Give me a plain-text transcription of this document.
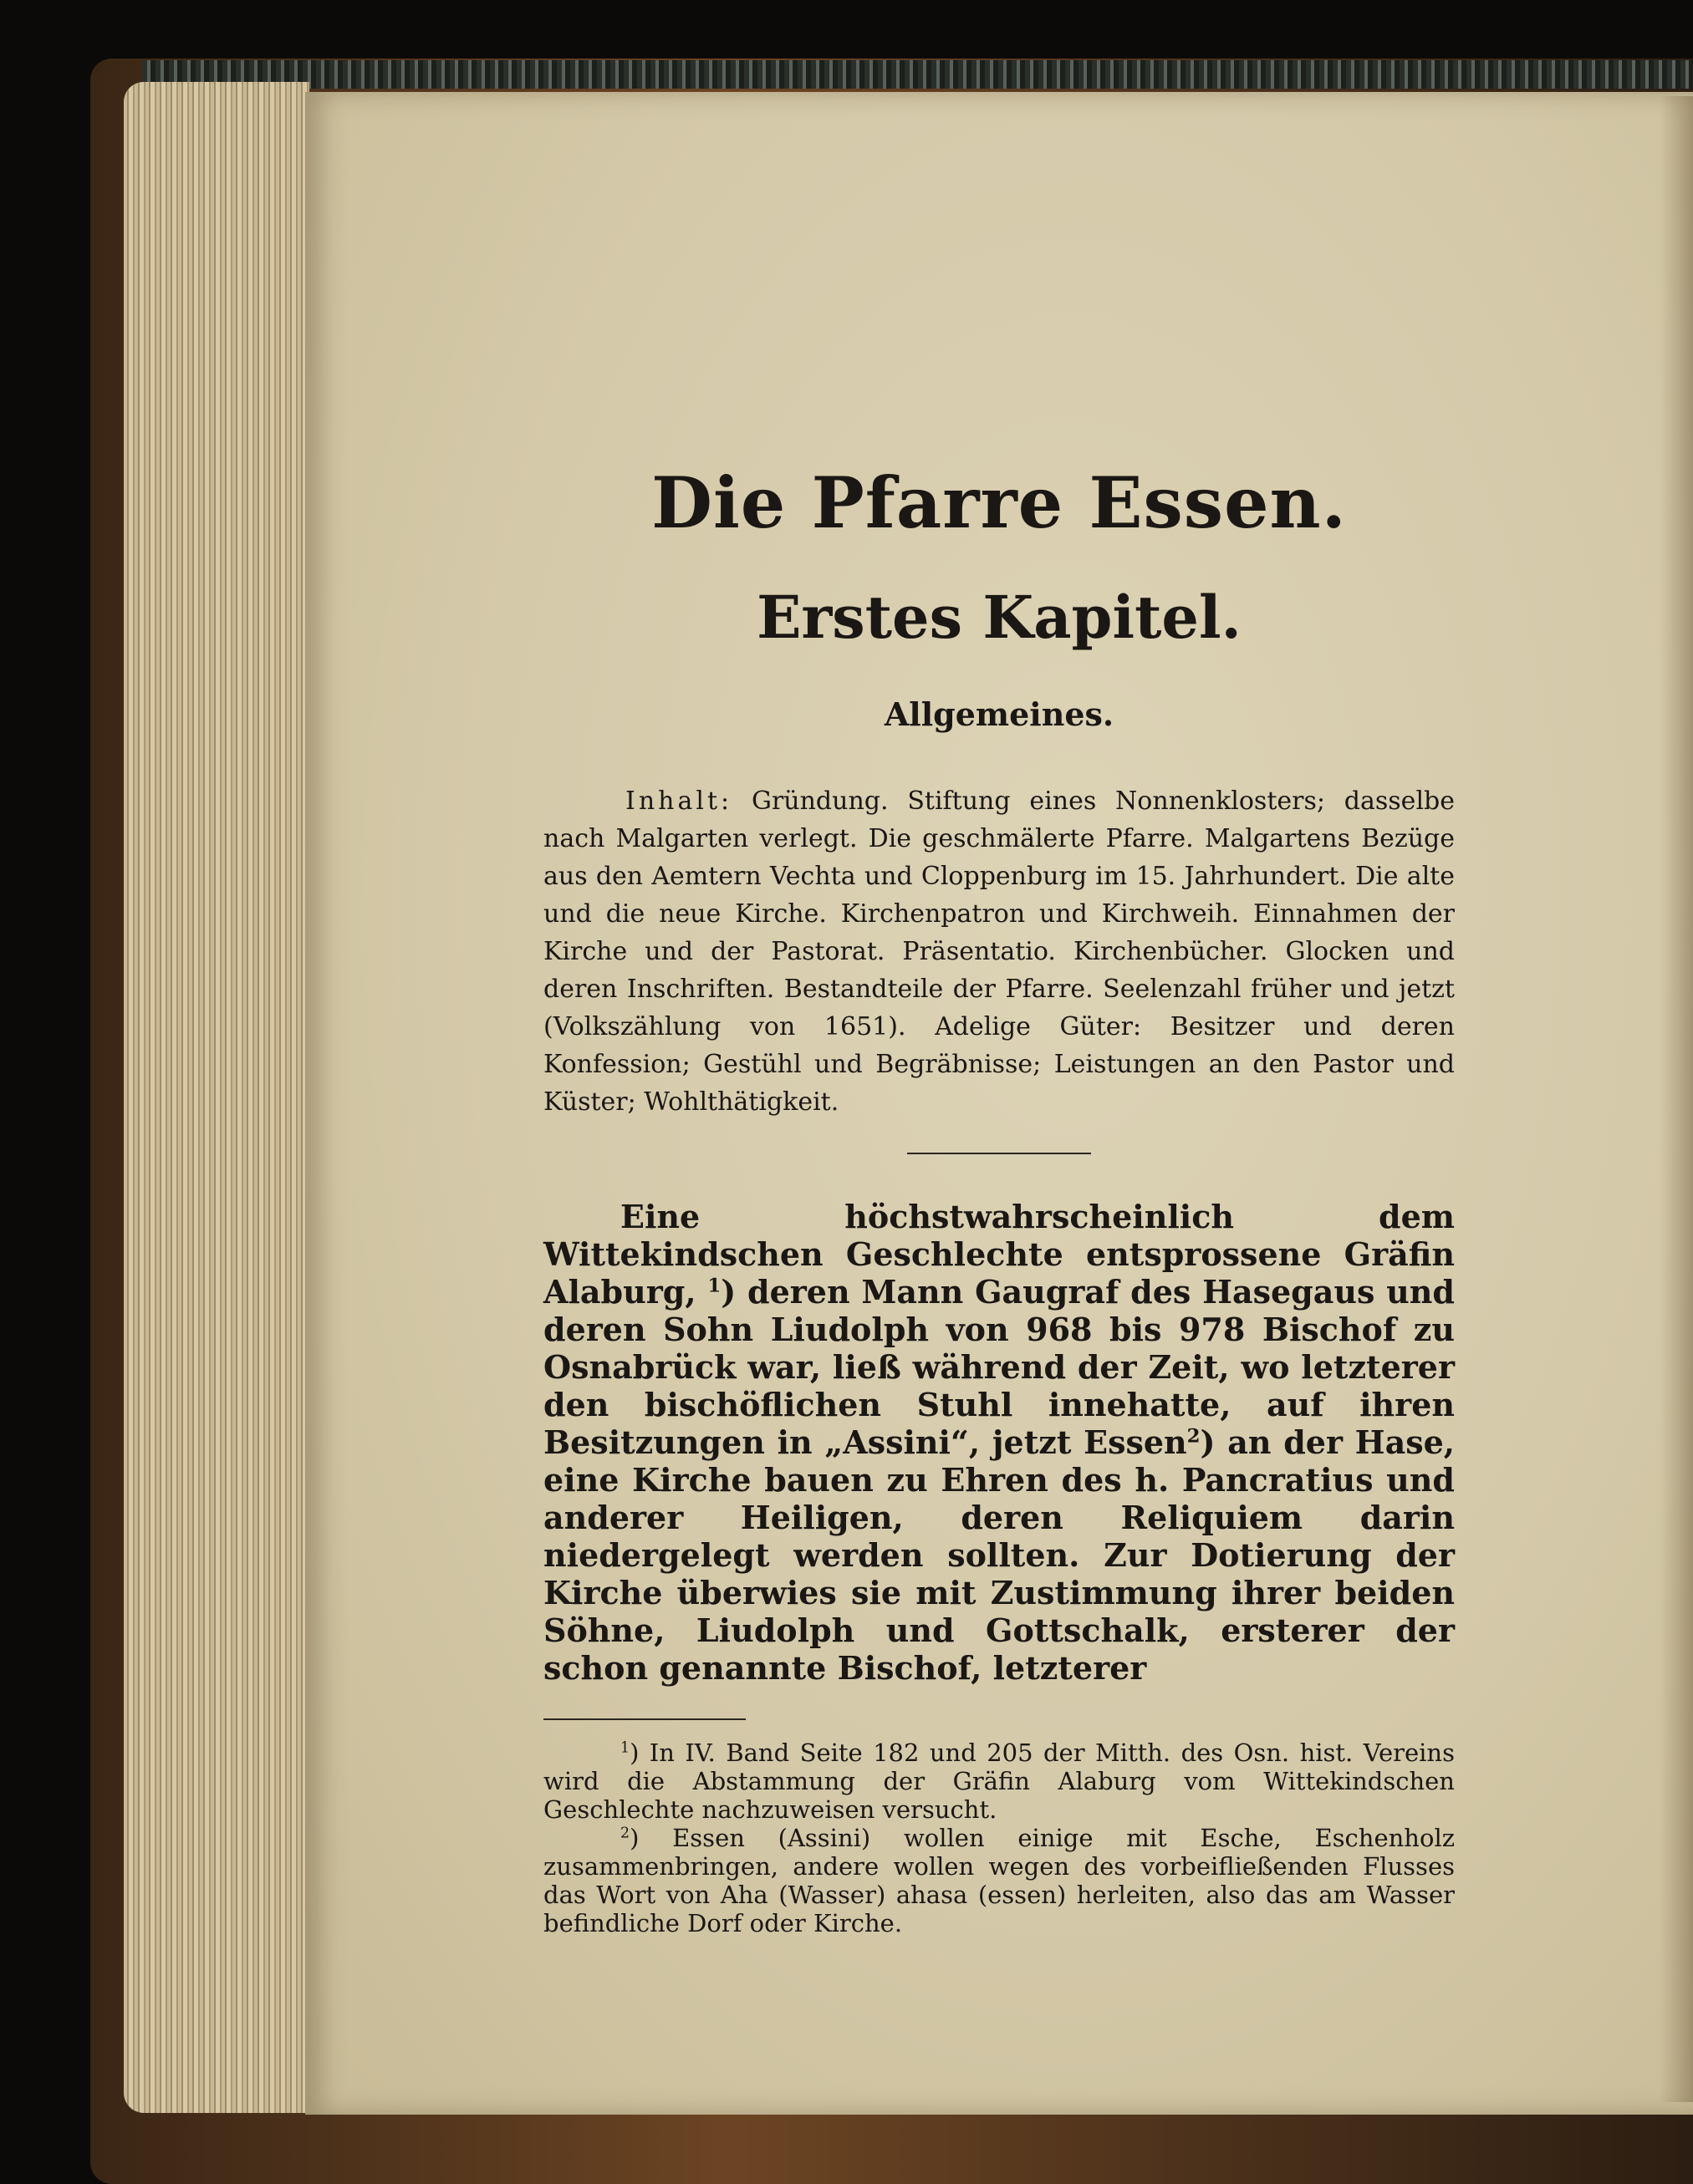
Die Pfarre Essen.
Erstes Kapitel.
Allgemeines.

Inhalt: Gründung. Stiftung eines Nonnenklosters; dasselbe nach Malgarten verlegt. Die geschmälerte Pfarre. Malgartens Bezüge aus den Aemtern Vechta und Cloppenburg im 15. Jahrhundert. Die alte und die neue Kirche. Kirchenpatron und Kirchweih. Einnahmen der Kirche und der Pastorat. Präsentatio. Kirchenbücher. Glocken und deren Inschriften. Bestandteile der Pfarre. Seelenzahl früher und jetzt (Volkszählung von 1651). Adelige Güter: Besitzer und deren Konfession; Gestühl und Begräbnisse; Leistungen an den Pastor und Küster; Wohlthätigkeit.

Eine höchstwahrscheinlich dem Wittekindschen Geschlechte entsprossene Gräfin Alaburg, $^1$) deren Mann Gaugraf des Hasegaus und deren Sohn Liudolph von 968 bis 978 Bischof zu Osnabrück war, ließ während der Zeit, wo letzterer den bischöflichen Stuhl innehatte, auf ihren Besitzungen in „Assini“, jetzt Essen$^2$) an der Hase, eine Kirche bauen zu Ehren des h. Pancratius und anderer Heiligen, deren Reliquiem darin niedergelegt werden sollten. Zur Dotierung der Kirche überwies sie mit Zustimmung ihrer beiden Söhne, Liudolph und Gottschalk, ersterer der schon genannte Bischof, letzterer

$^1$) In IV. Band Seite 182 und 205 der Mitth. des Osn. hist. Vereins wird die Abstammung der Gräfin Alaburg vom Wittekindschen Geschlechte nachzuweisen versucht.

$^2$) Essen (Assini) wollen einige mit Esche, Eschenholz zusammenbringen, andere wollen wegen des vorbeifließenden Flusses das Wort von Aha (Wasser) ahasa (essen) herleiten, also das am Wasser befindliche Dorf oder Kirche.
